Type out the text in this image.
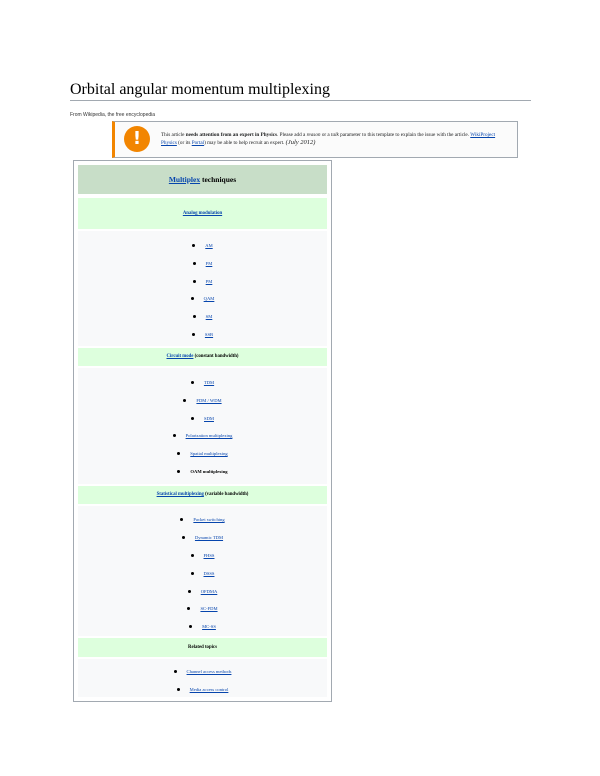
Orbital angular momentum multiplexing
From Wikipedia, the free encyclopedia
!	This article needs attention from an expert in Physics. Please add a reason or a talk parameter to this template to explain the issue with the article. WikiProject Physics (or its Portal) may be able to help recruit an expert. (July 2012)
Multiplex techniques
Analog modulation
AM
FM
PM
QAM
SM
SSB
Circuit mode (constant bandwidth)
TDM
FDM / WDM
SDM
Polarization multiplexing
Spatial multiplexing
OAM multiplexing
Statistical multiplexing (variable bandwidth)
Packet switching
Dynamic TDM
FHSS
DSSS
OFDMA
SC-FDM
MC-SS
Related topics
Channel access methods
Media access control
